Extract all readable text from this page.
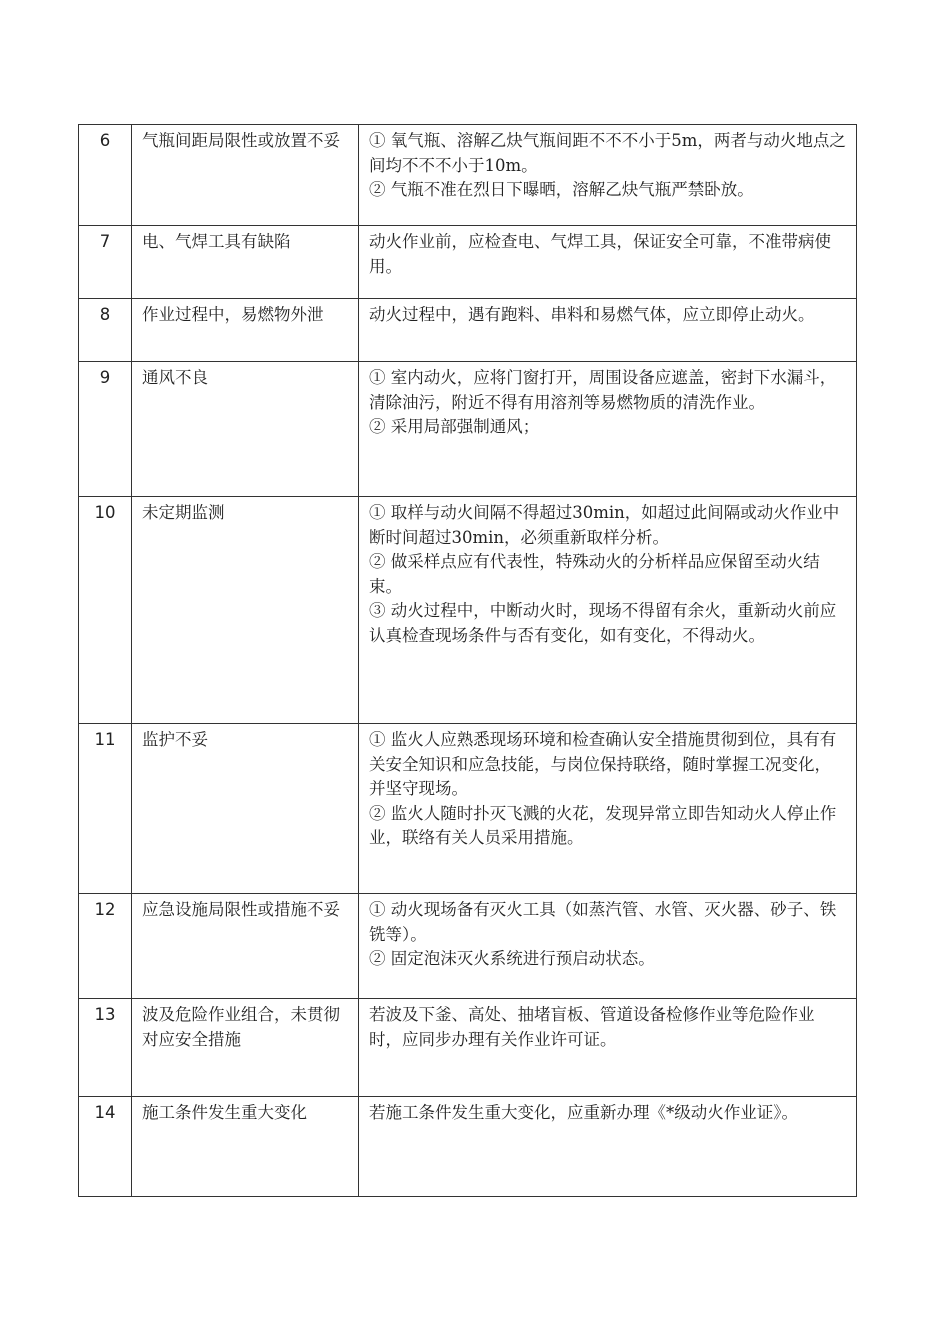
6	气瓶间距局限性或放置不妥	① 氧气瓶、溶解乙炔气瓶间距不不不小于5m，两者与动火地点之间均不不不小于10m。
② 气瓶不准在烈日下曝晒，溶解乙炔气瓶严禁卧放。

7	电、气焊工具有缺陷	动火作业前，应检查电、气焊工具，保证安全可靠，不准带病使用。

8	作业过程中，易燃物外泄	动火过程中，遇有跑料、串料和易燃气体，应立即停止动火。

9	通风不良	① 室内动火，应将门窗打开，周围设备应遮盖，密封下水漏斗，清除油污，附近不得有用溶剂等易燃物质的清洗作业。
② 采用局部强制通风；

10	未定期监测	① 取样与动火间隔不得超过30min，如超过此间隔或动火作业中断时间超过30min，必须重新取样分析。
② 做采样点应有代表性，特殊动火的分析样品应保留至动火结束。
③ 动火过程中，中断动火时，现场不得留有余火，重新动火前应认真检查现场条件与否有变化，如有变化，不得动火。

11	监护不妥	① 监火人应熟悉现场环境和检查确认安全措施贯彻到位，具有有关安全知识和应急技能，与岗位保持联络，随时掌握工况变化，并坚守现场。
② 监火人随时扑灭飞溅的火花，发现异常立即告知动火人停止作业，联络有关人员采用措施。

12	应急设施局限性或措施不妥	① 动火现场备有灭火工具（如蒸汽管、水管、灭火器、砂子、铁铣等）。
② 固定泡沫灭火系统进行预启动状态。

13	波及危险作业组合，未贯彻对应安全措施	若波及下釜、高处、抽堵盲板、管道设备检修作业等危险作业时，应同步办理有关作业许可证。

14	施工条件发生重大变化	若施工条件发生重大变化，应重新办理《*级动火作业证》。
